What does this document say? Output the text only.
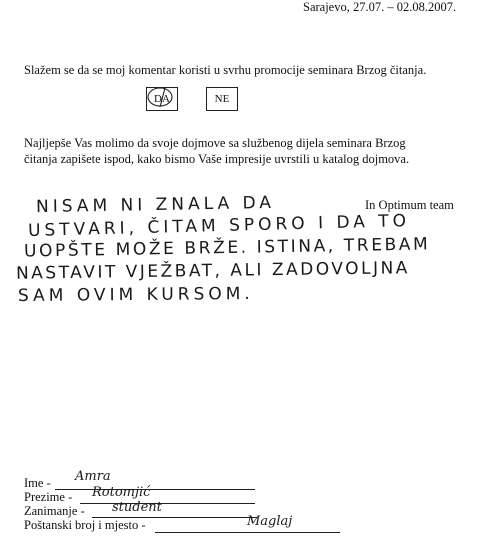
Sarajevo, 27.07. – 02.08.2007.
Slažem se da se moj komentar koristi u svrhu promocije seminara Brzog čitanja.
DA	NE
Najljepše Vas molimo da svoje dojmove sa službenog dijela seminara Brzog
čitanja zapišete ispod, kako bismo Vaše impresije uvrstili u katalog dojmova.
In Optimum team
NISAM NI ZNALA DA
USTVARI, ČITAM SPORO I DA TO
UOPŠTE MOŽE BRŽE. ISTINA, TREBAM
NASTAVIT VJEŽBAT, ALI ZADOVOLJNA
SAM OVIM KURSOM.
Ime - Amra
Prezime - Rotomjić
Zanimanje - student
Poštanski broj i mjesto -	Maglaj
